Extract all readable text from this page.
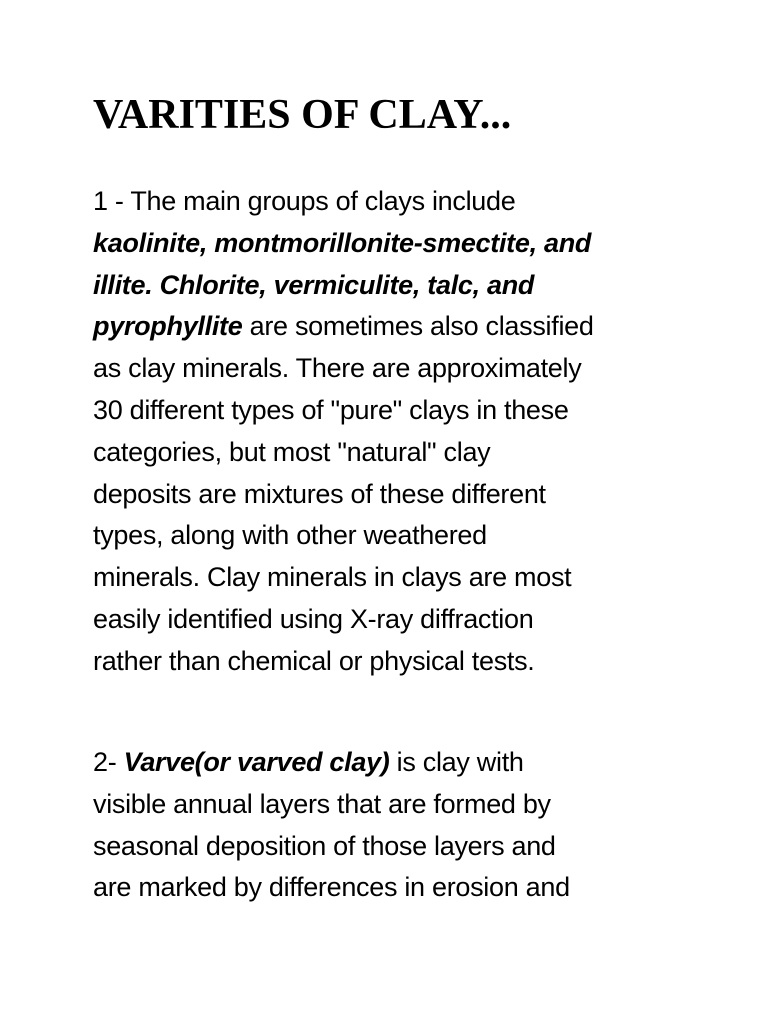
VARITIES OF CLAY...
1 - The main groups of clays include
kaolinite, montmorillonite-smectite, and
illite. Chlorite, vermiculite, talc, and
pyrophyllite are sometimes also classified
as clay minerals. There are approximately
30 different types of "pure" clays in these
categories, but most "natural" clay
deposits are mixtures of these different
types, along with other weathered
minerals. Clay minerals in clays are most
easily identified using X-ray diffraction
rather than chemical or physical tests.
2- Varve(or varved clay) is clay with
visible annual layers that are formed by
seasonal deposition of those layers and
are marked by differences in erosion and
